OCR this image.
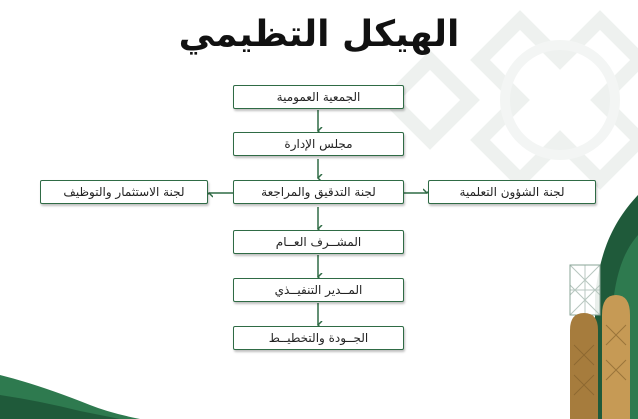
الهيكل التظيمي
الجمعية العمومية
مجلس الإدارة
لجنة التدقيق والمراجعة
لجنة الاستثمار والتوظيف	لجنة الشؤون التعلمية
المشــرف العــام
المــدير التنفيــذي
الجــودة والتخطيــط
